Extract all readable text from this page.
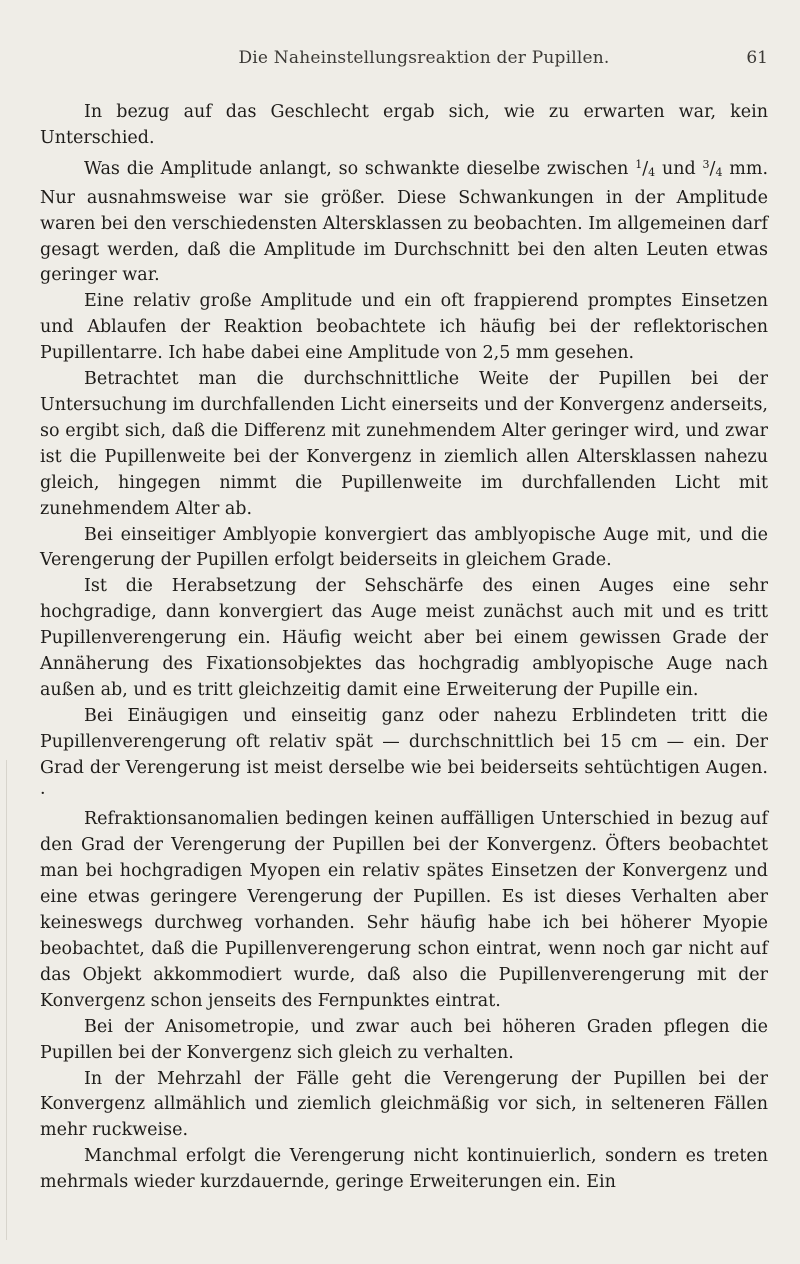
Die Naheinstellungsreaktion der Pupillen.	61

In bezug auf das Geschlecht ergab sich, wie zu erwarten war, kein Unterschied.

Was die Amplitude anlangt, so schwankte dieselbe zwischen $^1$/4 und $^3$/4 mm. Nur ausnahmsweise war sie größer. Diese Schwankungen in der Amplitude waren bei den verschiedensten Altersklassen zu beobachten. Im allgemeinen darf gesagt werden, daß die Amplitude im Durchschnitt bei den alten Leuten etwas geringer war.

Eine relativ große Amplitude und ein oft frappierend promptes Einsetzen und Ablaufen der Reaktion beobachtete ich häufig bei der reflektorischen Pupillentarre. Ich habe dabei eine Amplitude von 2,5 mm gesehen.

Betrachtet man die durchschnittliche Weite der Pupillen bei der Untersuchung im durchfallenden Licht einerseits und der Konvergenz anderseits, so ergibt sich, daß die Differenz mit zunehmendem Alter geringer wird, und zwar ist die Pupillenweite bei der Konvergenz in ziemlich allen Altersklassen nahezu gleich, hingegen nimmt die Pupillenweite im durchfallenden Licht mit zunehmendem Alter ab.

Bei einseitiger Amblyopie konvergiert das amblyopische Auge mit, und die Verengerung der Pupillen erfolgt beiderseits in gleichem Grade.

Ist die Herabsetzung der Sehschärfe des einen Auges eine sehr hochgradige, dann konvergiert das Auge meist zunächst auch mit und es tritt Pupillenverengerung ein. Häufig weicht aber bei einem gewissen Grade der Annäherung des Fixationsobjektes das hochgradig amblyopische Auge nach außen ab, und es tritt gleichzeitig damit eine Erweiterung der Pupille ein.

Bei Einäugigen und einseitig ganz oder nahezu Erblindeten tritt die Pupillenverengerung oft relativ spät — durchschnittlich bei 15 cm — ein. Der Grad der Verengerung ist meist derselbe wie bei beiderseits sehtüchtigen Augen. ·

Refraktionsanomalien bedingen keinen auffälligen Unterschied in bezug auf den Grad der Verengerung der Pupillen bei der Konvergenz. Öfters beobachtet man bei hochgradigen Myopen ein relativ spätes Einsetzen der Konvergenz und eine etwas geringere Verengerung der Pupillen. Es ist dieses Verhalten aber keineswegs durchweg vorhanden. Sehr häufig habe ich bei höherer Myopie beobachtet, daß die Pupillenverengerung schon eintrat, wenn noch gar nicht auf das Objekt akkommodiert wurde, daß also die Pupillenverengerung mit der Konvergenz schon jenseits des Fernpunktes eintrat.

Bei der Anisometropie, und zwar auch bei höheren Graden pflegen die Pupillen bei der Konvergenz sich gleich zu verhalten.

In der Mehrzahl der Fälle geht die Verengerung der Pupillen bei der Konvergenz allmählich und ziemlich gleichmäßig vor sich, in selteneren Fällen mehr ruckweise.

Manchmal erfolgt die Verengerung nicht kontinuierlich, sondern es treten mehrmals wieder kurzdauernde, geringe Erweiterungen ein. Ein
